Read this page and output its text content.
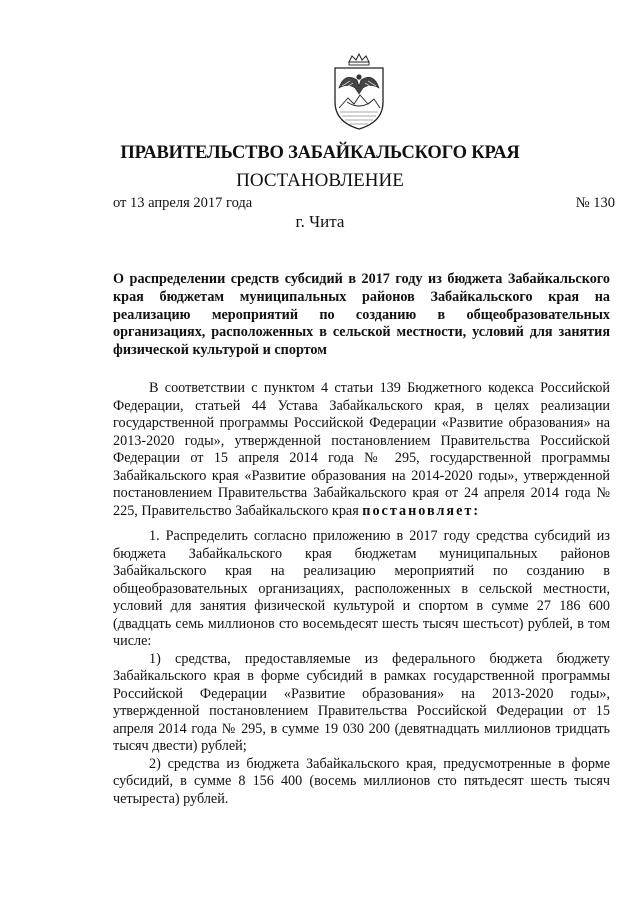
ПРАВИТЕЛЬСТВО ЗАБАЙКАЛЬСКОГО КРАЯ
ПОСТАНОВЛЕНИЕ
от 13 апреля 2017 года	№ 130
г. Чита
О распределении средств субсидий в 2017 году из бюджета Забайкальского края бюджетам муниципальных районов Забайкальского края на реализацию мероприятий по созданию в общеобразовательных организациях, расположенных в сельской местности, условий для занятия физической культурой и спортом

В соответствии с пунктом 4 статьи 139 Бюджетного кодекса Российской Федерации, статьей 44 Устава Забайкальского края, в целях реализации государственной программы Российской Федерации «Развитие образования» на 2013-2020 годы», утвержденной постановлением Правительства Российской Федерации от 15 апреля 2014 года № 295, государственной программы Забайкальского края «Развитие образования на 2014-2020 годы», утвержденной постановлением Правительства Забайкальского края от 24 апреля 2014 года № 225, Правительство Забайкальского края постановляет:

1. Распределить согласно приложению в 2017 году средства субсидий из бюджета Забайкальского края бюджетам муниципальных районов Забайкальского края на реализацию мероприятий по созданию в общеобразовательных организациях, расположенных в сельской местности, условий для занятия физической культурой и спортом в сумме 27 186 600 (двадцать семь миллионов сто восемьдесят шесть тысяч шестьсот) рублей, в том числе:

1) средства, предоставляемые из федерального бюджета бюджету Забайкальского края в форме субсидий в рамках государственной программы Российской Федерации «Развитие образования» на 2013-2020 годы», утвержденной постановлением Правительства Российской Федерации от 15 апреля 2014 года № 295, в сумме 19 030 200 (девятнадцать миллионов тридцать тысяч двести) рублей;

2) средства из бюджета Забайкальского края, предусмотренные в форме субсидий, в сумме 8 156 400 (восемь миллионов сто пятьдесят шесть тысяч четыреста) рублей.
